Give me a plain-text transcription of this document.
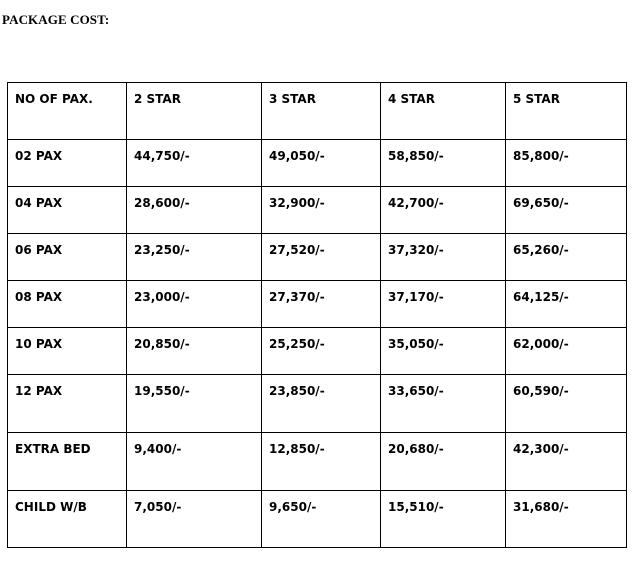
PACKAGE COST:
NO OF PAX.	2 STAR	3 STAR	4 STAR	5 STAR
02 PAX	44,750/-	49,050/-	58,850/-	85,800/-
04 PAX	28,600/-	32,900/-	42,700/-	69,650/-
06 PAX	23,250/-	27,520/-	37,320/-	65,260/-
08 PAX	23,000/-	27,370/-	37,170/-	64,125/-
10 PAX	20,850/-	25,250/-	35,050/-	62,000/-
12 PAX	19,550/-	23,850/-	33,650/-	60,590/-
EXTRA BED	9,400/-	12,850/-	20,680/-	42,300/-
CHILD W/B	7,050/-	9,650/-	15,510/-	31,680/-
